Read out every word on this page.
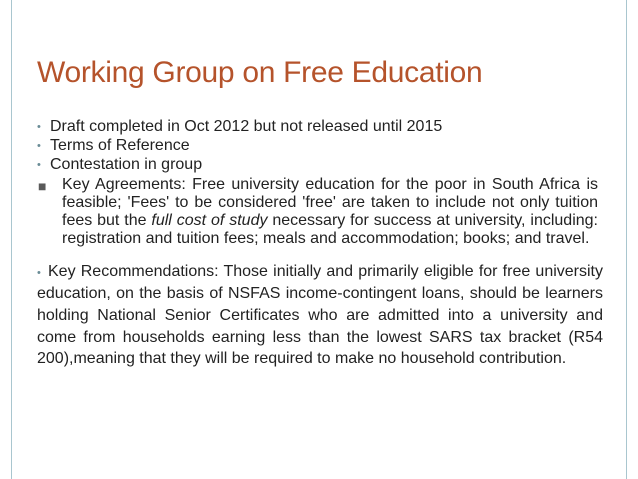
Working Group on Free Education
• Draft completed in Oct 2012 but not released until 2015
• Terms of Reference
• Contestation in group
■ Key Agreements: Free university education for the poor in South Africa is feasible; 'Fees' to be considered 'free' are taken to include not only tuition fees but the full cost of study necessary for success at university, including: registration and tuition fees; meals and accommodation; books; and travel.
• Key Recommendations: Those initially and primarily eligible for free university education, on the basis of NSFAS income-contingent loans, should be learners holding National Senior Certificates who are admitted into a university and come from households earning less than the lowest SARS tax bracket (R54 200),meaning that they will be required to make no household contribution.
